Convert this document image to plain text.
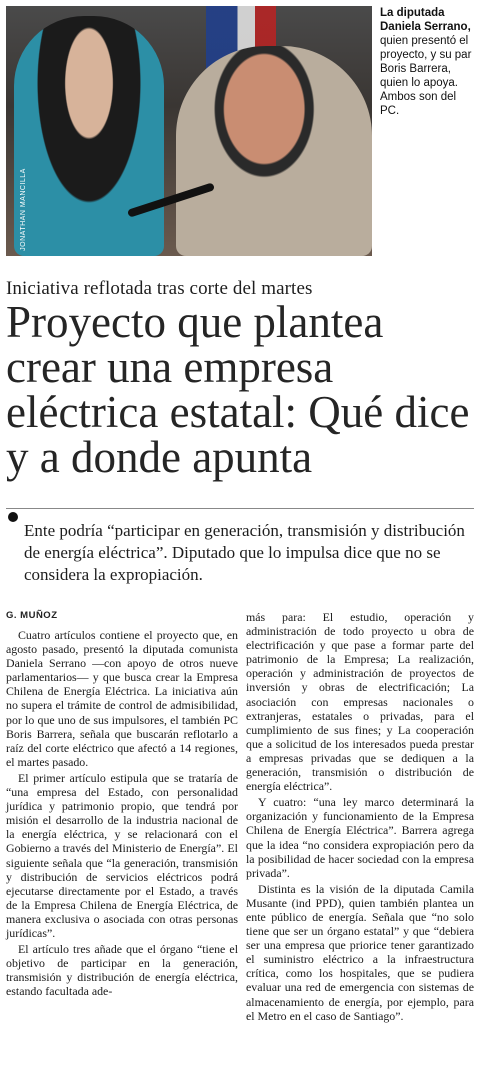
JONATHAN MANCILLA
La diputada Daniela Serrano, quien presentó el proyecto, y su par Boris Barrera, quien lo apoya. Ambos son del PC.
Iniciativa reflotada tras corte del martes
Proyecto que plantea crear una empresa eléctrica estatal: Qué dice y a donde apunta
Ente podría “participar en generación, transmisión y distribución de energía eléctrica”. Diputado que lo impulsa dice que no se considera la expropiación.
G. MUÑOZ

Cuatro artículos contiene el proyecto que, en agosto pasado, presentó la diputada comunista Daniela Serrano —con apoyo de otros nueve parlamentarios— y que busca crear la Empresa Chilena de Energía Eléctrica. La iniciativa aún no supera el trámite de control de admisibilidad, por lo que uno de sus impulsores, el también PC Boris Barrera, señala que buscarán reflotarlo a raíz del corte eléctrico que afectó a 14 regiones, el martes pasado.

El primer artículo estipula que se trataría de “una empresa del Estado, con personalidad jurídica y patrimonio propio, que tendrá por misión el desarrollo de la industria nacional de la energía eléctrica, y se relacionará con el Gobierno a través del Ministerio de Energía”. El siguiente señala que “la generación, transmisión y distribución de servicios eléctricos podrá ejecutarse directamente por el Estado, a través de la Empresa Chilena de Energía Eléctrica, de manera exclusiva o asociada con otras personas jurídicas”.

El artículo tres añade que el órgano “tiene el objetivo de participar en la generación, transmisión y distribución de energía eléctrica, estando facultada ade-

más para: El estudio, operación y administración de todo proyecto u obra de electrificación y que pase a formar parte del patrimonio de la Empresa; La realización, operación y administración de proyectos de inversión y obras de electrificación; La asociación con empresas nacionales o extranjeras, estatales o privadas, para el cumplimiento de sus fines; y La cooperación que a solicitud de los interesados pueda prestar a empresas privadas que se dediquen a la generación, transmisión o distribución de energía eléctrica”.

Y cuatro: “una ley marco determinará la organización y funcionamiento de la Empresa Chilena de Energía Eléctrica”. Barrera agrega que la idea “no considera expropiación pero da la posibilidad de hacer sociedad con la empresa privada”.

Distinta es la visión de la diputada Camila Musante (ind PPD), quien también plantea un ente público de energía. Señala que “no solo tiene que ser un órgano estatal” y que “debiera ser una empresa que priorice tener garantizado el suministro eléctrico a la infraestructura crítica, como los hospitales, que se pudiera evaluar una red de emergencia con sistemas de almacenamiento de energía, por ejemplo, para el Metro en el caso de Santiago”.
